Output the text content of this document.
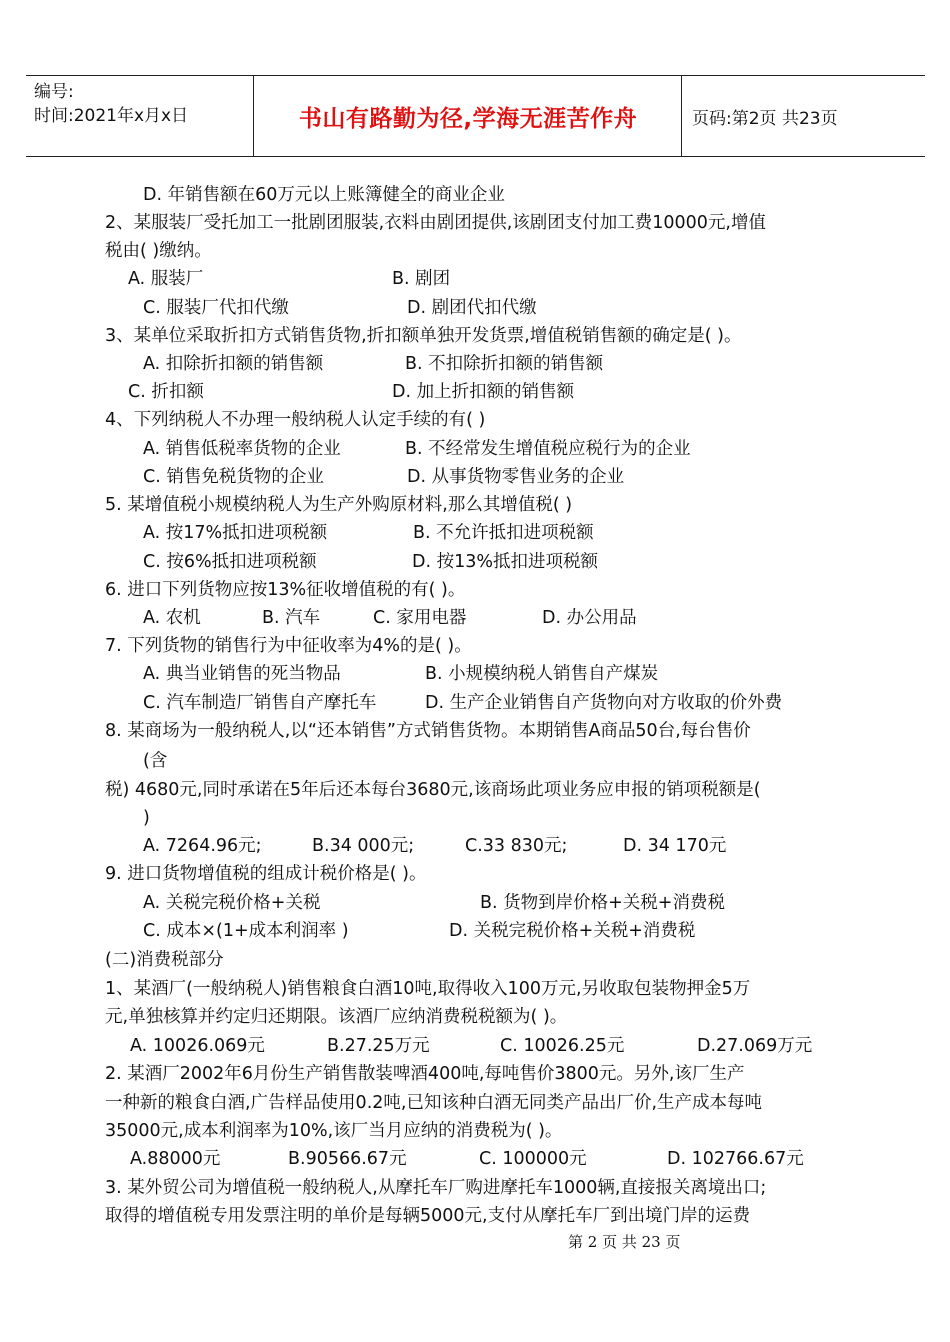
编号:
时间:2021年x月x日	书山有路勤为径,学海无涯苦作舟	页码:第2页 共23页
D. 年销售额在60万元以上账簿健全的商业企业
2、某服装厂受托加工一批剧团服装,衣料由剧团提供,该剧团支付加工费10000元,增值
税由( )缴纳。
A. 服装厂	B. 剧团
C. 服装厂代扣代缴	D. 剧团代扣代缴
3、某单位采取折扣方式销售货物,折扣额单独开发货票,增值税销售额的确定是( )。
A. 扣除折扣额的销售额	B. 不扣除折扣额的销售额
C. 折扣额	D. 加上折扣额的销售额
4、下列纳税人不办理一般纳税人认定手续的有( )
A. 销售低税率货物的企业	B. 不经常发生增值税应税行为的企业
C. 销售免税货物的企业	D. 从事货物零售业务的企业
5. 某增值税小规模纳税人为生产外购原材料,那么其增值税( )
A. 按17%抵扣进项税额	B. 不允许抵扣进项税额
C. 按6%抵扣进项税额	D. 按13%抵扣进项税额
6. 进口下列货物应按13%征收增值税的有( )。
A. 农机	B. 汽车	C. 家用电器	D. 办公用品
7. 下列货物的销售行为中征收率为4%的是( )。
A. 典当业销售的死当物品	B. 小规模纳税人销售自产煤炭
C. 汽车制造厂销售自产摩托车	D. 生产企业销售自产货物向对方收取的价外费
8. 某商场为一般纳税人,以“还本销售”方式销售货物。本期销售A商品50台,每台售价
(含
税) 4680元,同时承诺在5年后还本每台3680元,该商场此项业务应申报的销项税额是(
)
A. 7264.96元;	B.34 000元;	C.33 830元;	D. 34 170元
9. 进口货物增值税的组成计税价格是( )。
A. 关税完税价格+关税	B. 货物到岸价格+关税+消费税
C. 成本×(1+成本利润率 )	D. 关税完税价格+关税+消费税
(二)消费税部分
1、某酒厂(一般纳税人)销售粮食白酒10吨,取得收入100万元,另收取包装物押金5万
元,单独核算并约定归还期限。该酒厂应纳消费税税额为( )。
A. 10026.069元	B.27.25万元	C. 10026.25元	D.27.069万元
2. 某酒厂2002年6月份生产销售散装啤酒400吨,每吨售价3800元。另外,该厂生产
一种新的粮食白酒,广告样品使用0.2吨,已知该种白酒无同类产品出厂价,生产成本每吨
35000元,成本利润率为10%,该厂当月应纳的消费税为( )。
A.88000元	B.90566.67元	C. 100000元	D. 102766.67元
3. 某外贸公司为增值税一般纳税人,从摩托车厂购进摩托车1000辆,直接报关离境出口;
取得的增值税专用发票注明的单价是每辆5000元,支付从摩托车厂到出境门岸的运费
第 2 页 共 23 页
